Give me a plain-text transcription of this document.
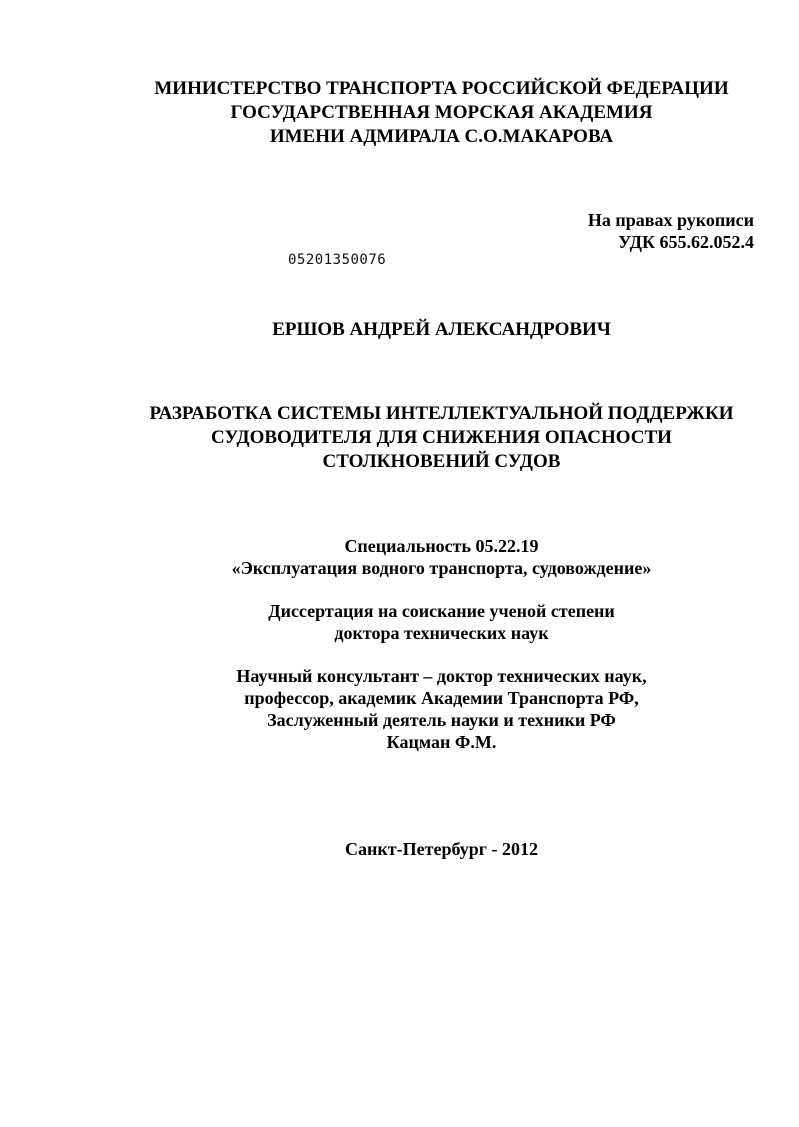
МИНИСТЕРСТВО ТРАНСПОРТА РОССИЙСКОЙ ФЕДЕРАЦИИ
ГОСУДАРСТВЕННАЯ МОРСКАЯ АКАДЕМИЯ
ИМЕНИ АДМИРАЛА С.О.МАКАРОВА
На правах рукописи
УДК 655.62.052.4
05201350076
ЕРШОВ АНДРЕЙ АЛЕКСАНДРОВИЧ
РАЗРАБОТКА СИСТЕМЫ ИНТЕЛЛЕКТУАЛЬНОЙ ПОДДЕРЖКИ
СУДОВОДИТЕЛЯ ДЛЯ СНИЖЕНИЯ ОПАСНОСТИ
СТОЛКНОВЕНИЙ СУДОВ
Специальность 05.22.19
«Эксплуатация водного транспорта, судовождение»
Диссертация на соискание ученой степени
доктора технических наук
Научный консультант – доктор технических наук,
профессор, академик Академии Транспорта РФ,
Заслуженный деятель науки и техники РФ
Кацман Ф.М.
Санкт-Петербург - 2012
